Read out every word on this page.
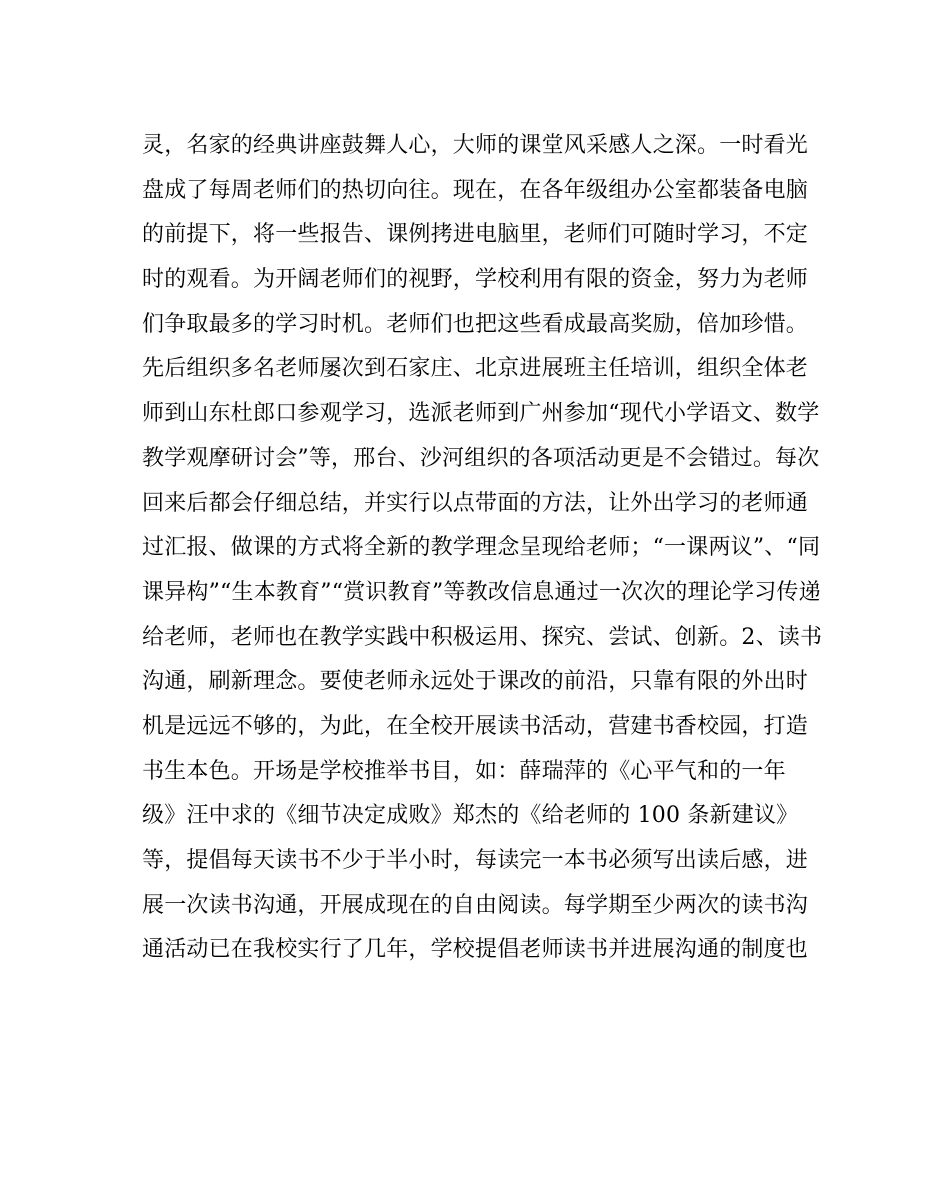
灵，名家的经典讲座鼓舞人心，大师的课堂风采感人之深。一时看光
盘成了每周老师们的热切向往。现在，在各年级组办公室都装备电脑
的前提下，将一些报告、课例拷进电脑里，老师们可随时学习，不定
时的观看。为开阔老师们的视野，学校利用有限的资金，努力为老师
们争取最多的学习时机。老师们也把这些看成最高奖励，倍加珍惜。
先后组织多名老师屡次到石家庄、北京进展班主任培训，组织全体老
师到山东杜郎口参观学习，选派老师到广州参加“现代小学语文、数学
教学观摩研讨会”等，邢台、沙河组织的各项活动更是不会错过。每次
回来后都会仔细总结，并实行以点带面的方法，让外出学习的老师通
过汇报、做课的方式将全新的教学理念呈现给老师；“一课两议”、“同
课异构”“生本教育”“赏识教育”等教改信息通过一次次的理论学习传递
给老师，老师也在教学实践中积极运用、探究、尝试、创新。2、读书
沟通，刷新理念。要使老师永远处于课改的前沿，只靠有限的外出时
机是远远不够的，为此，在全校开展读书活动，营建书香校园，打造
书生本色。开场是学校推举书目，如：薛瑞萍的《心平气和的一年
级》汪中求的《细节决定成败》郑杰的《给老师的 100 条新建议》
等，提倡每天读书不少于半小时，每读完一本书必须写出读后感，进
展一次读书沟通，开展成现在的自由阅读。每学期至少两次的读书沟
通活动已在我校实行了几年，学校提倡老师读书并进展沟通的制度也
